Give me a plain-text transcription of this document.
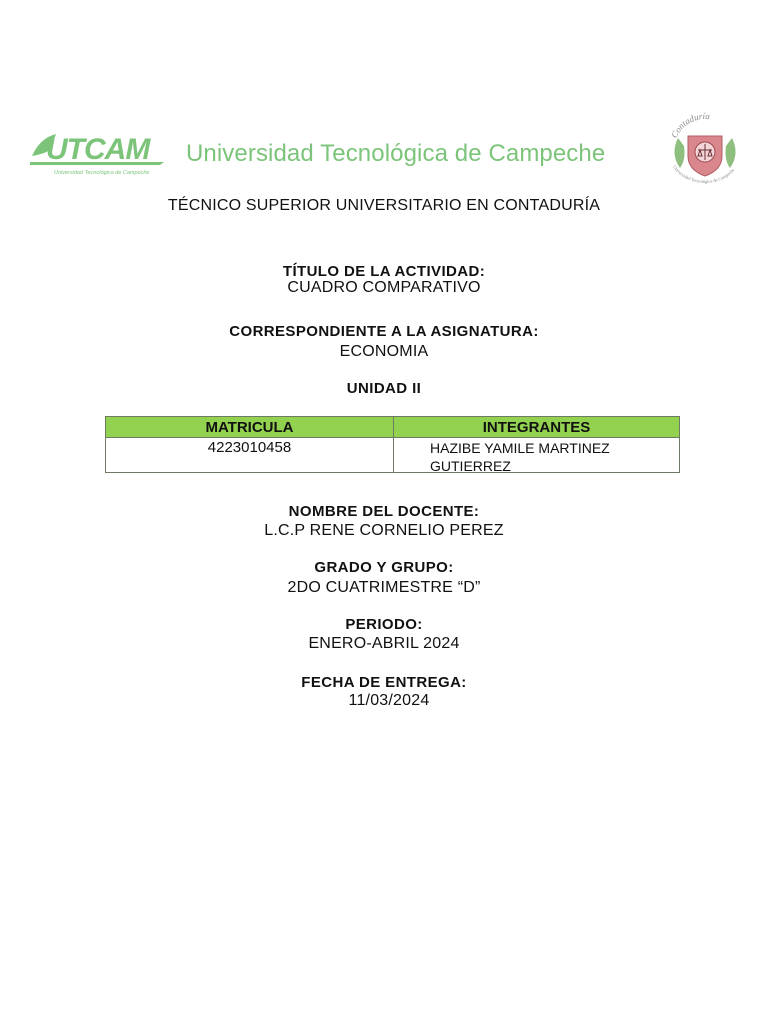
UTCAM
Universidad Tecnológica de Campeche
Universidad Tecnológica de Campeche
Contaduría
Universidad Tecnológica de Campeche
TÉCNICO SUPERIOR UNIVERSITARIO EN CONTADURÍA
TÍTULO DE LA ACTIVIDAD:
CUADRO COMPARATIVO
CORRESPONDIENTE A LA ASIGNATURA:
ECONOMIA
UNIDAD II
MATRICULA	INTEGRANTES
4223010458	HAZIBE YAMILE MARTINEZ GUTIERREZ
NOMBRE DEL DOCENTE:
L.C.P RENE CORNELIO PEREZ
GRADO Y GRUPO:
2DO CUATRIMESTRE “D”
PERIODO:
ENERO-ABRIL 2024
FECHA DE ENTREGA:
11/03/2024
